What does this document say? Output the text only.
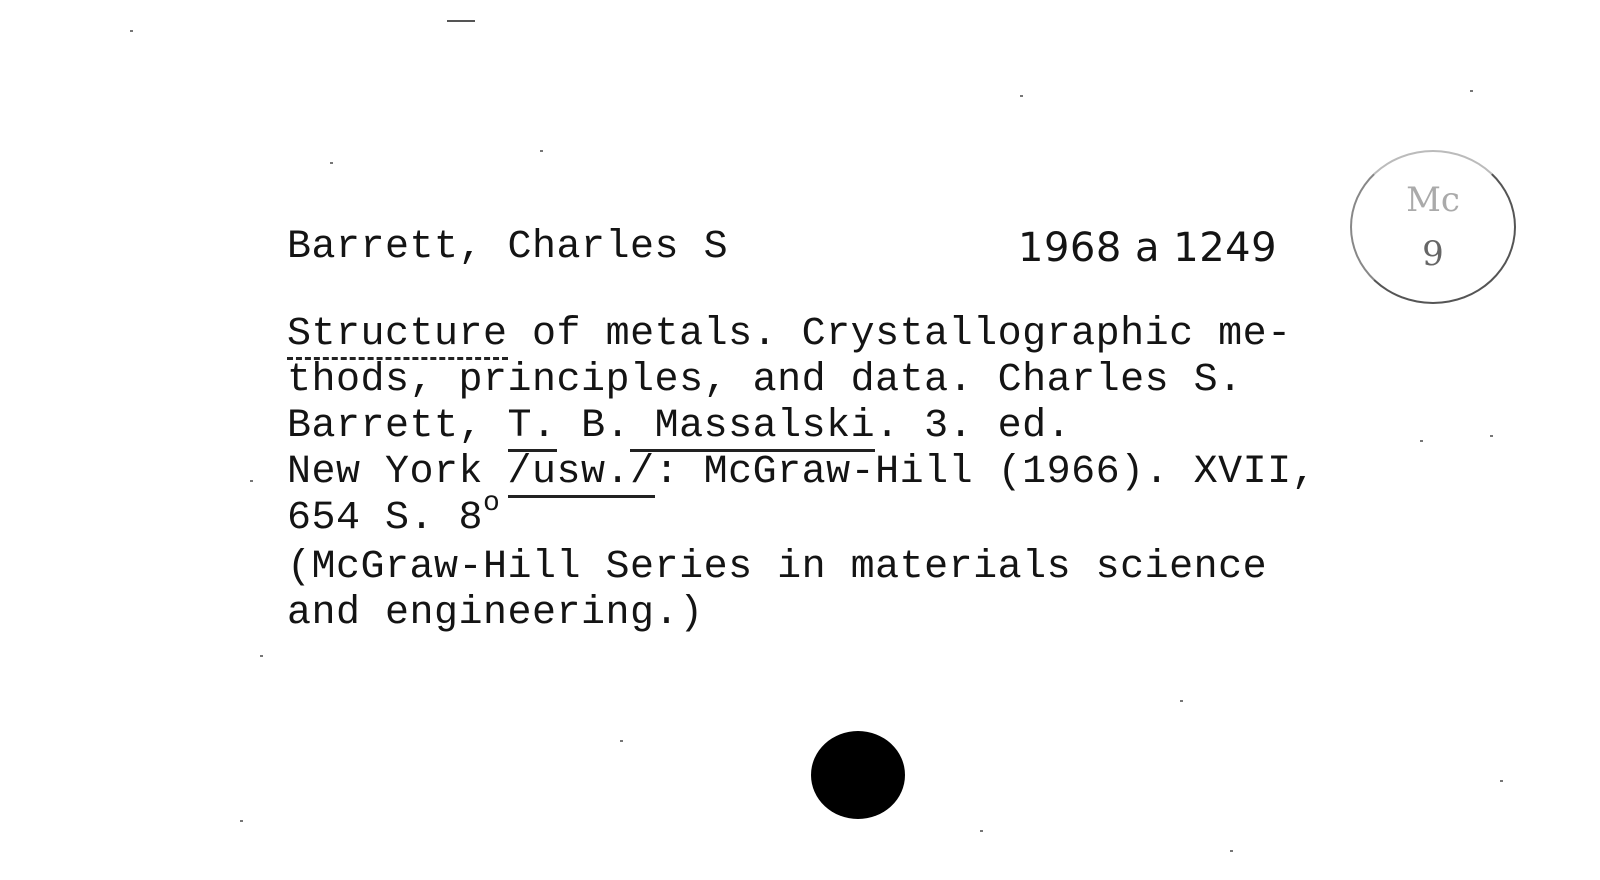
Barrett, Charles S	1968 a 1249
Mc
9
Structure of metals. Crystallographic me-
thods, principles, and data. Charles S.
Barrett, T. B. Massalski. 3. ed.
New York /usw./: McGraw-Hill (1966). XVII,
654 S. 8$^o$
(McGraw-Hill Series in materials science
and engineering.)
